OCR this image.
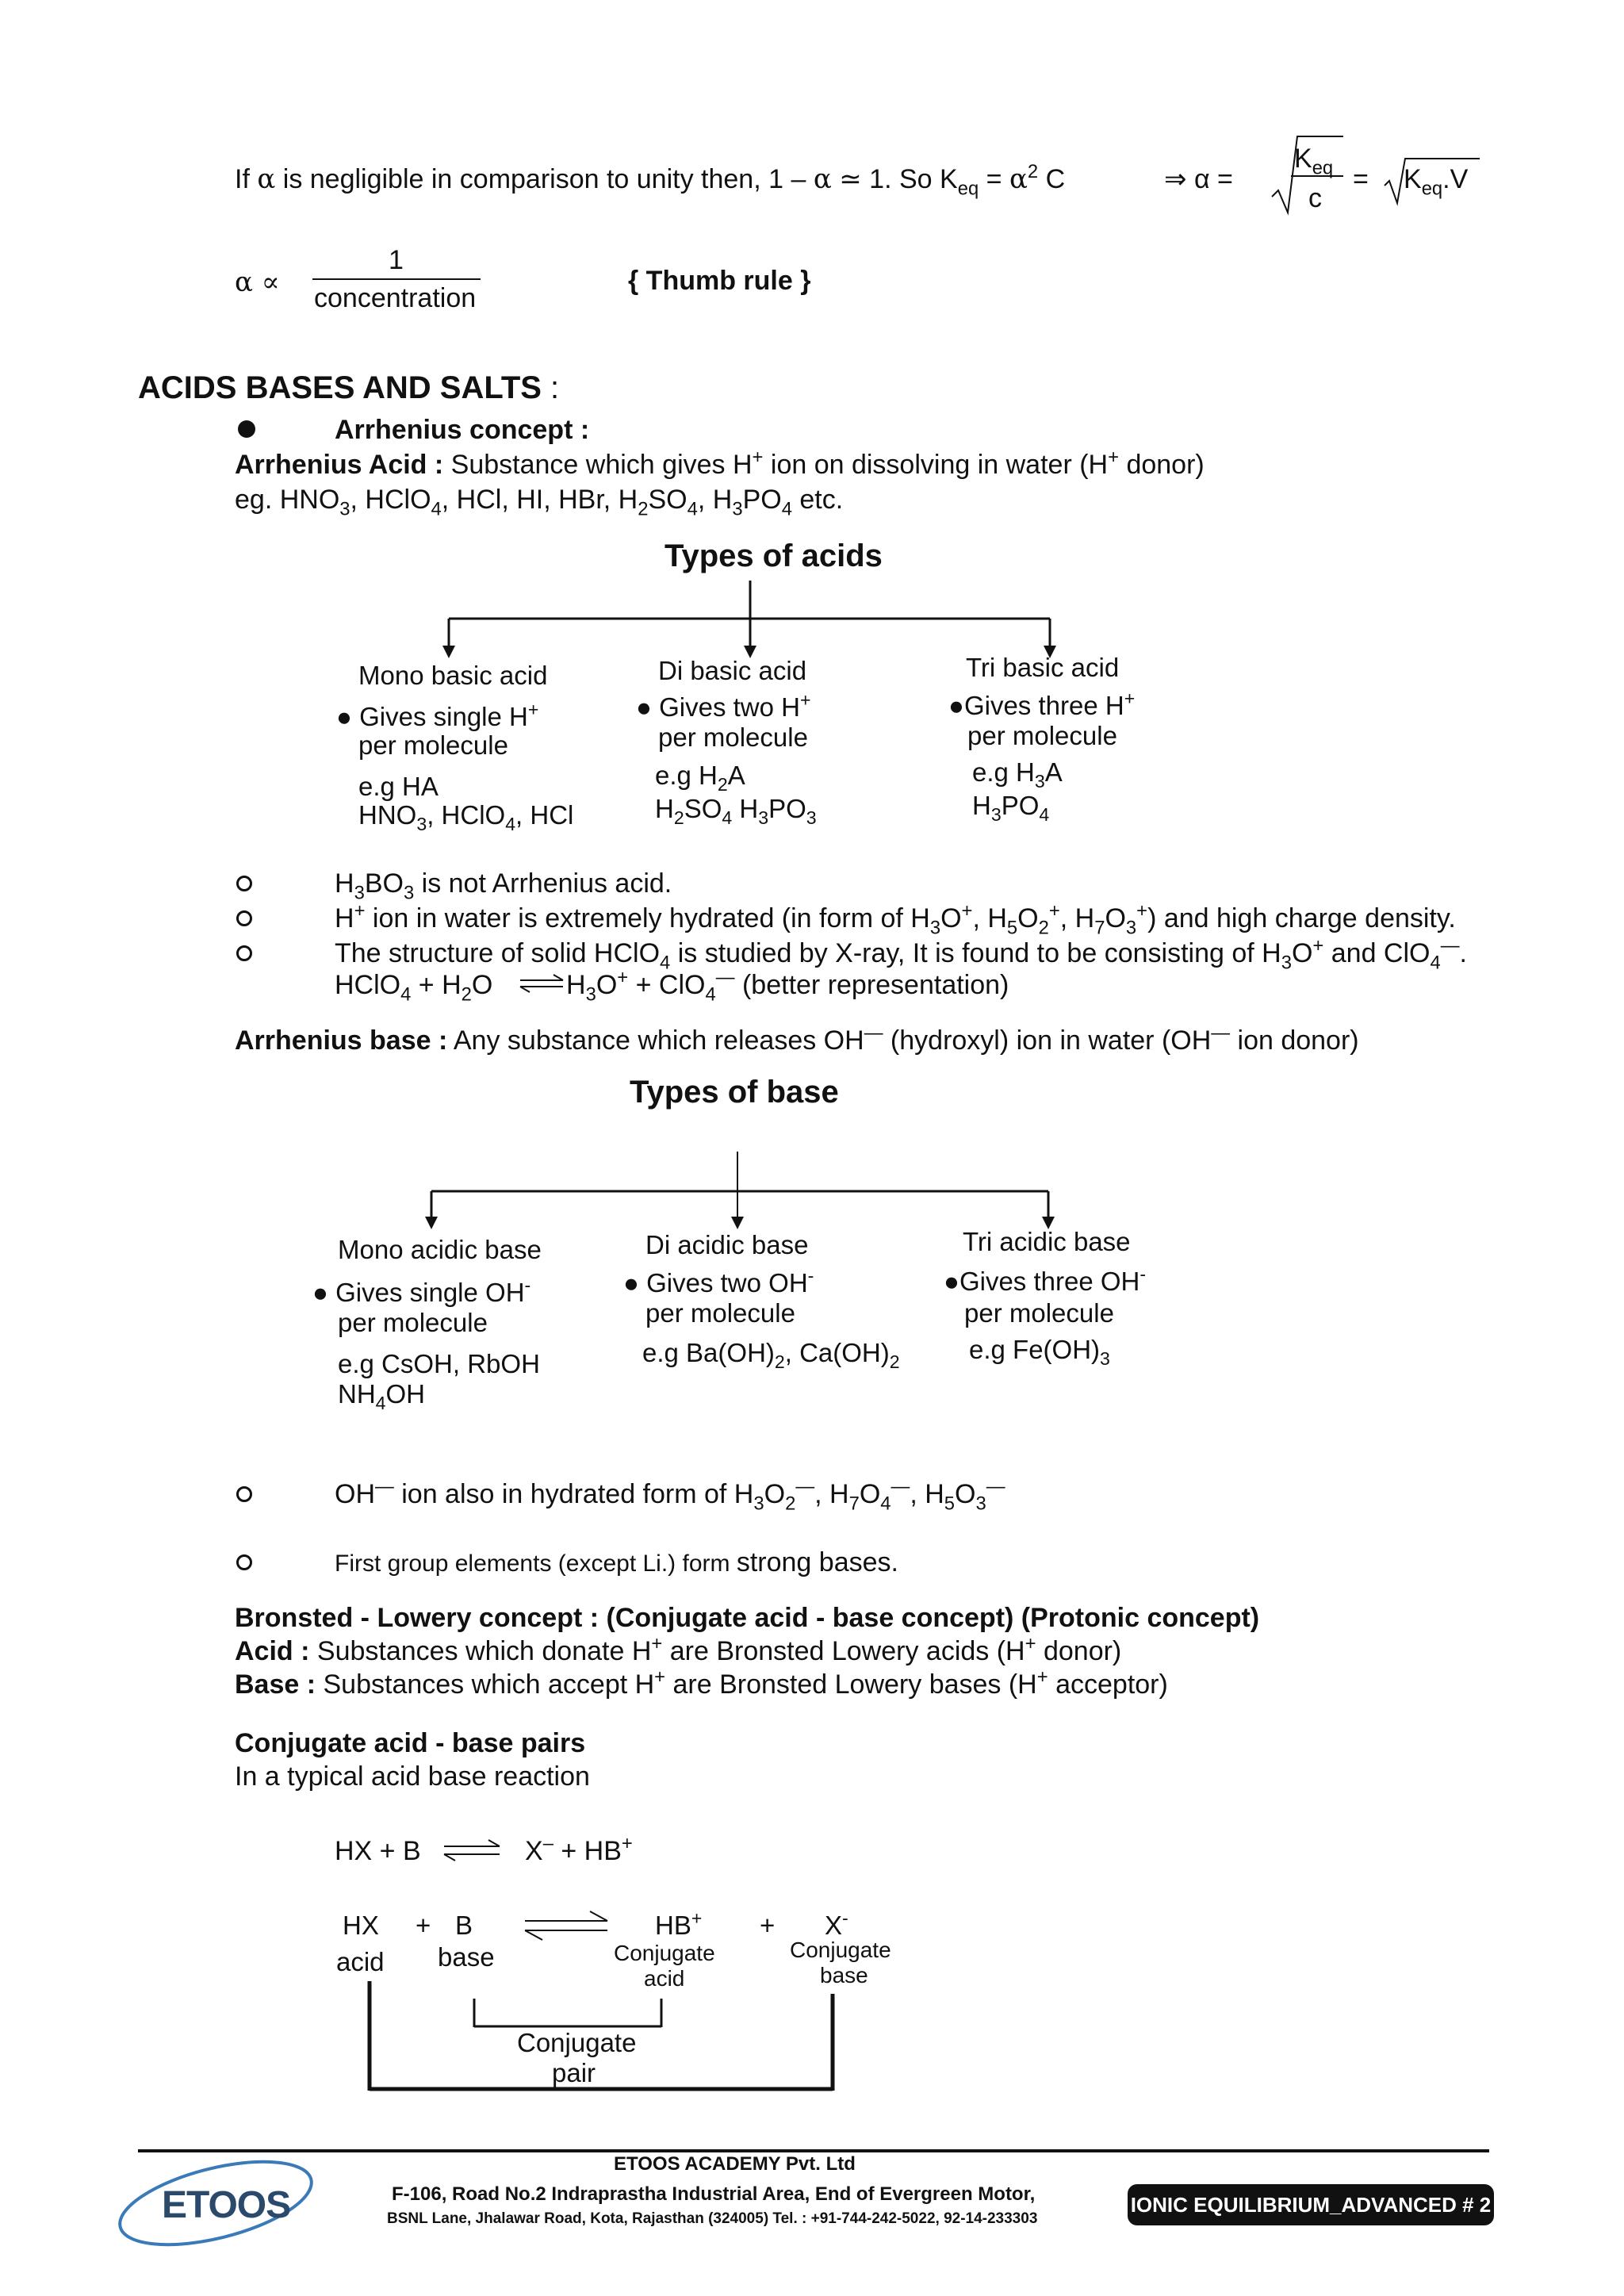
If α is negligible in comparison to unity then, 1 – α ≃ 1. So $K_{eq} = \alpha^2$ C	⇒ α =
$K_{eq}$
c
= $K_{eq}.V$
α ∝
1
concentration
{ Thumb rule }
ACIDS BASES AND SALTS :
Arrhenius concept :
Arrhenius Acid : Substance which gives H+ ion on dissolving in water (H+ donor)
eg. $HNO_3$, HClO$_4$, HCl, HI, HBr, $H_2SO_4$, $H_3PO_4$ etc.
Types of acids
Mono basic acid
● Gives single H+
per molecule
e.g HA
$HNO_3$, HClO$_4$, HCl
Di basic acid
● Gives two H+
per molecule
e.g $H_2A$
$H_2SO_4$ $H_3PO_3$
Tri basic acid
●Gives three H+
per molecule
e.g $H_3A$
$H_3PO_4$
$H_3BO_3$ is not Arrhenius acid.
H+ ion in water is extremely hydrated (in form of $H_3O^+$, $H_5O_2^+$, $H_7O_3^+$) and high charge density.
The structure of solid HClO$_4$ is studied by X-ray, It is found to be consisting of $H_3O^+$ and ClO$_4$—.
HClO$_4$ + $H_2O$	$H_3O^+ + ClO_4^—$ (better representation)
Arrhenius base : Any substance which releases OH— (hydroxyl) ion in water (OH— ion donor)
Types of base
Mono acidic base
● Gives single OH-
per molecule
e.g CsOH, RbOH
$NH_4OH$
Di acidic base
● Gives two OH-
per molecule
e.g $Ba(OH)_2$, $Ca(OH)_2$
Tri acidic base
●Gives three OH-
per molecule
e.g $Fe(OH)_3$
OH— ion also in hydrated form of $H_3O_2^—$, $H_7O_4^—$, $H_5O_3^—$
First group elements (except Li.) form strong bases.
Bronsted - Lowery concept : (Conjugate acid - base concept) (Protonic concept)
Acid : Substances which donate H+ are Bronsted Lowery acids (H+ donor)
Base : Substances which accept H+ are Bronsted Lowery bases (H+ acceptor)
Conjugate acid - base pairs
In a typical acid base reaction
HX + B	X– + HB+
HX + B	HB+ + X-
acid base	Conjugate
acid
Conjugate
base
Conjugate
pair
ETOOS
ETOOS ACADEMY Pvt. Ltd
F-106, Road No.2 Indraprastha Industrial Area, End of Evergreen Motor,
BSNL Lane, Jhalawar Road, Kota, Rajasthan (324005) Tel. : +91-744-242-5022, 92-14-233303
IONIC EQUILIBRIUM_ADVANCED # 2
